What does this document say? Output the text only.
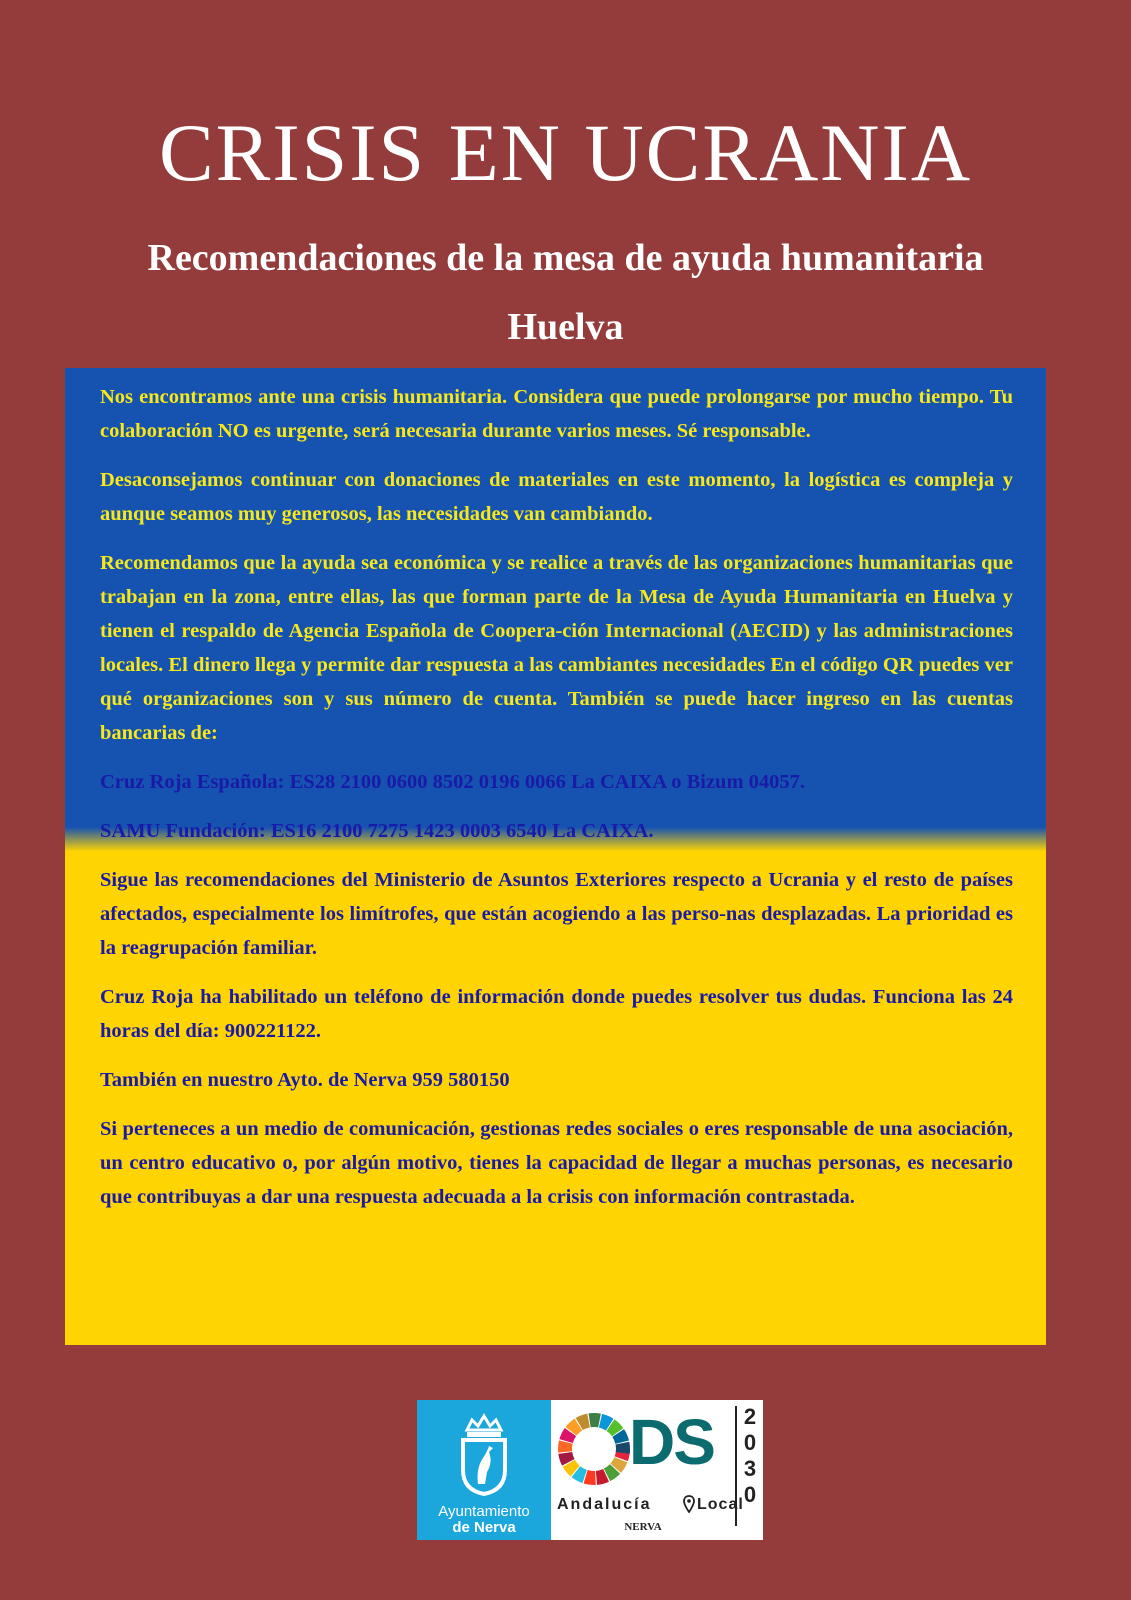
CRISIS EN UCRANIA
Recomendaciones de la mesa de ayuda humanitaria
Huelva

Nos encontramos ante una crisis humanitaria. Considera que puede prolongarse por mucho tiempo. Tu colaboración NO es urgente, será necesaria durante varios meses. Sé responsable.

Desaconsejamos continuar con donaciones de materiales en este momento, la logística es compleja y aunque seamos muy generosos, las necesidades van cambiando.

Recomendamos que la ayuda sea económica y se realice a través de las organizaciones humanitarias que trabajan en la zona, entre ellas, las que forman parte de la Mesa de Ayuda Humanitaria en Huelva y tienen el respaldo de Agencia Española de Coopera-ción Internacional (AECID) y las administraciones locales. El dinero llega y permite dar respuesta a las cambiantes necesidades En el código QR puedes ver qué organizaciones son y sus número de cuenta. También se puede hacer ingreso en las cuentas bancarias de:

Cruz Roja Española: ES28 2100 0600 8502 0196 0066 La CAIXA o Bizum 04057.

SAMU Fundación: ES16 2100 7275 1423 0003 6540 La CAIXA.

Sigue las recomendaciones del Ministerio de Asuntos Exteriores respecto a Ucrania y el resto de países afectados, especialmente los limítrofes, que están acogiendo a las perso-nas desplazadas. La prioridad es la reagrupación familiar.

Cruz Roja ha habilitado un teléfono de información donde puedes resolver tus dudas. Funciona las 24 horas del día: 900221122.

También en nuestro Ayto. de Nerva 959 580150

Si perteneces a un medio de comunicación, gestionas redes sociales o eres responsable de una asociación, un centro educativo o, por algún motivo, tienes la capacidad de llegar a muchas personas, es necesario que contribuyas a dar una respuesta adecuada a la crisis con información contrastada.

Ayuntamiento
de Nerva
DS 2
0
3
0
Andalucía	Local
NERVA
